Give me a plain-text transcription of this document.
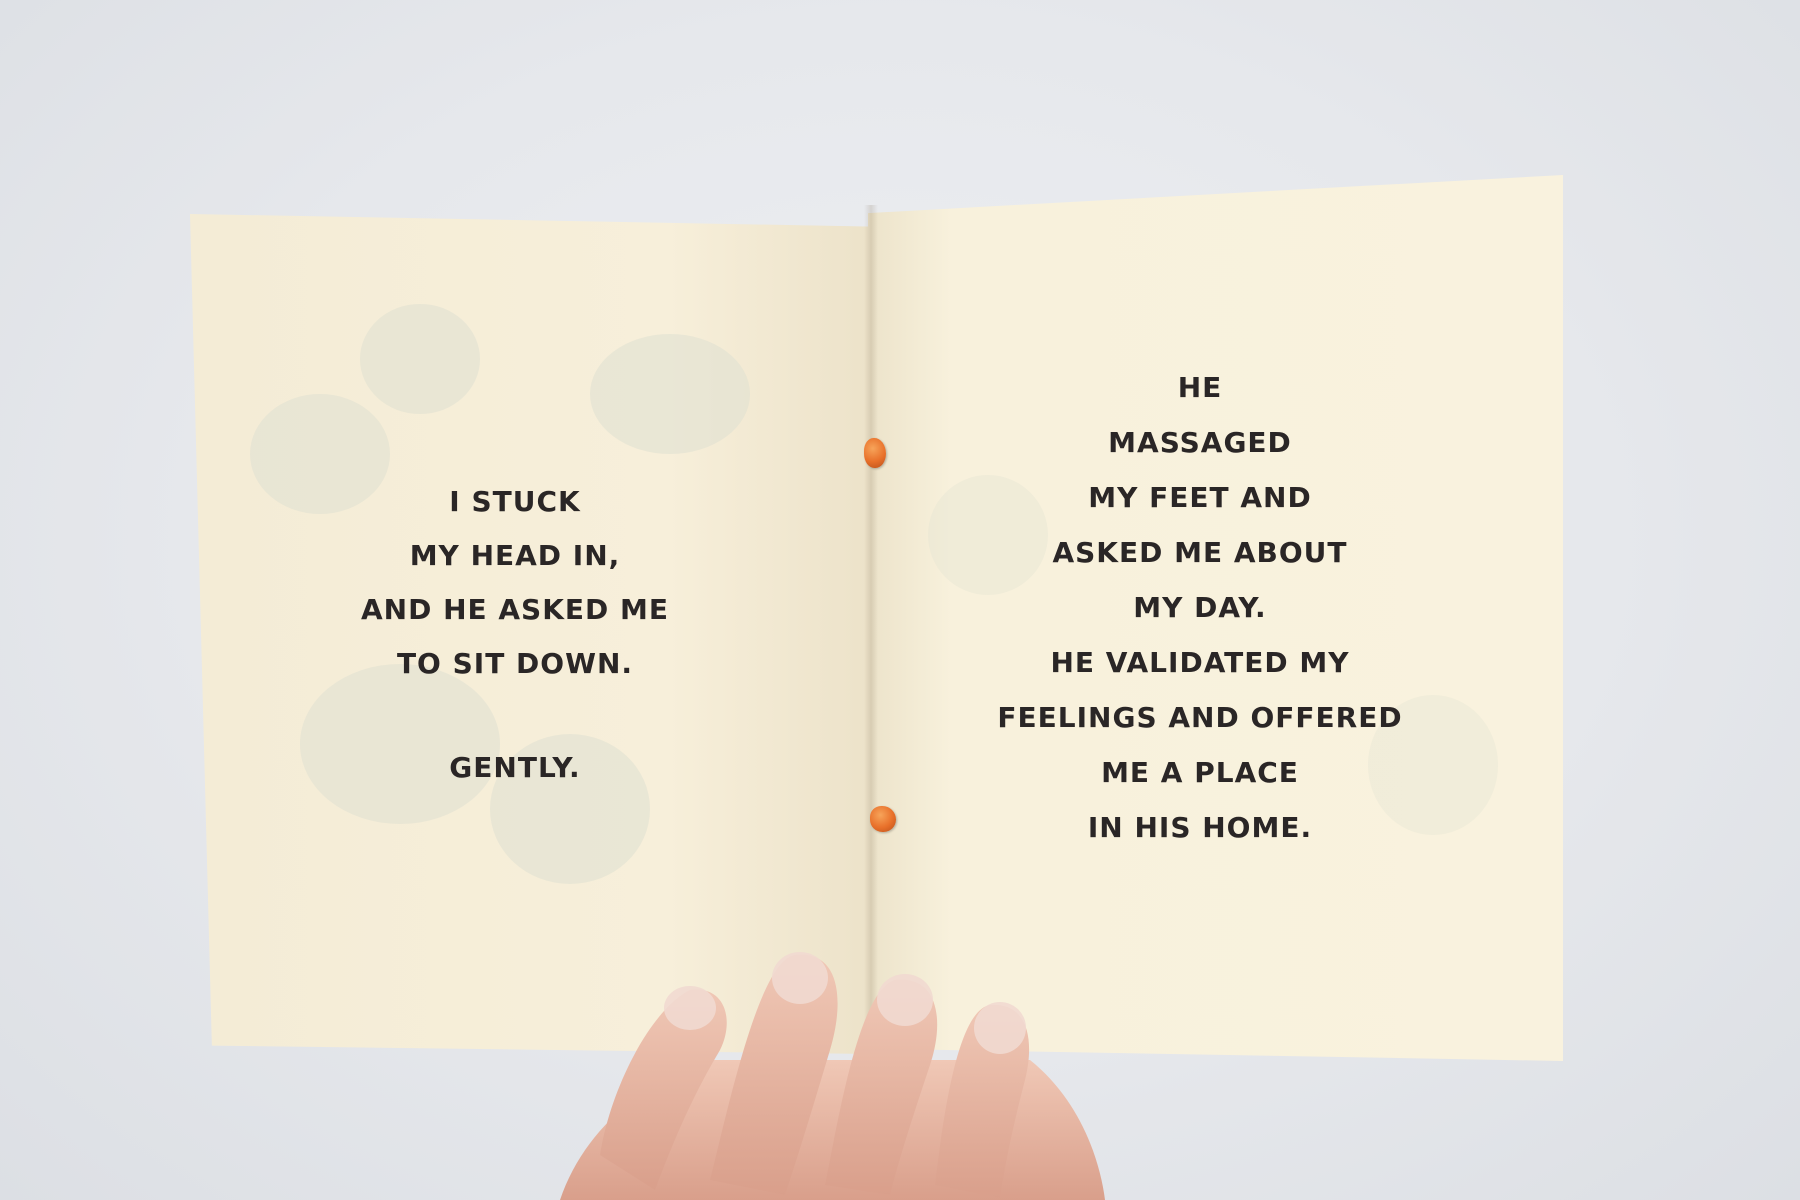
I STUCK
MY HEAD IN,
AND HE ASKED ME
TO SIT DOWN.
GENTLY.
HE
MASSAGED
MY FEET AND
ASKED ME ABOUT
MY DAY.
HE VALIDATED MY
FEELINGS AND OFFERED
ME A PLACE
IN HIS HOME.
